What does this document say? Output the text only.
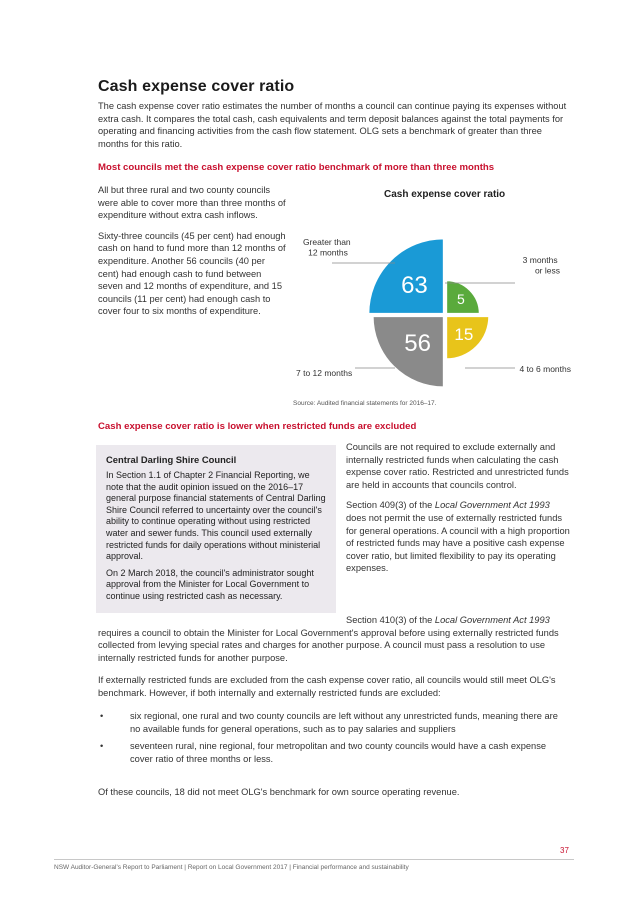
Cash expense cover ratio

The cash expense cover ratio estimates the number of months a council can continue paying its expenses without extra cash. It compares the total cash, cash equivalents and term deposit balances against the total payments for operating and financing activities from the cash flow statement. OLG sets a benchmark of greater than three months for this ratio.

Most councils met the cash expense cover ratio benchmark of more than three months

All but three rural and two county councils were able to cover more than three months of expenditure without extra cash inflows.

Sixty-three councils (45 per cent) had enough cash on hand to fund more than 12 months of expenditure. Another 56 councils (40 per cent) had enough cash to fund between seven and 12 months of expenditure, and 15 councils (11 per cent) had enough cash to cover four to six months of expenditure.

Cash expense cover ratio
63
5
15
56
Greater than 12 months
3 months or less
4 to 6 months
7 to 12 months
Source: Audited financial statements for 2016–17.
Cash expense cover ratio is lower when restricted funds are excluded
Central Darling Shire Council

In Section 1.1 of Chapter 2 Financial Reporting, we note that the audit opinion issued on the 2016–17 general purpose financial statements of Central Darling Shire Council referred to uncertainty over the council's ability to continue operating without using restricted water and sewer funds. This council used externally restricted funds for daily operations without ministerial approval.

On 2 March 2018, the council's administrator sought approval from the Minister for Local Government to continue using restricted cash as necessary.

Councils are not required to exclude externally and internally restricted funds when calculating the cash expense cover ratio. Restricted and unrestricted funds are held in accounts that councils control.

Section 409(3) of the Local Government Act 1993 does not permit the use of externally restricted funds for general operations. A council with a high proportion of restricted funds may have a positive cash expense cover ratio, but limited flexibility to pay its operating expenses.

Section 410(3) of the Local Government Act 1993 requires a council to obtain the Minister for Local Government's approval before using externally restricted funds collected from levying special rates and charges for another purpose. A council must pass a resolution to use internally restricted funds for another purpose.

If externally restricted funds are excluded from the cash expense cover ratio, all councils would still meet OLG's benchmark. However, if both internally and externally restricted funds are excluded:

•	six regional, one rural and two county councils are left without any unrestricted funds, meaning there are no available funds for general operations, such as to pay salaries and suppliers
•	seventeen rural, nine regional, four metropolitan and two county councils would have a cash expense cover ratio of three months or less.

Of these councils, 18 did not meet OLG's benchmark for own source operating revenue.

37
NSW Auditor-General's Report to Parliament | Report on Local Government 2017 | Financial performance and sustainability
